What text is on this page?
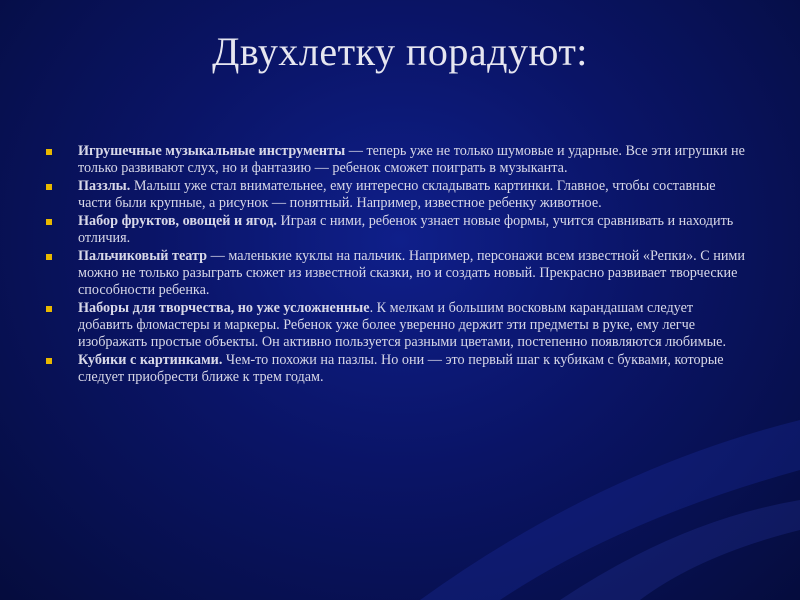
Двухлетку порадуют:
Игрушечные музыкальные инструменты — теперь уже не только шумовые и ударные. Все эти игрушки не только развивают слух, но и фантазию — ребенок сможет поиграть в музыканта.
Паззлы. Малыш уже стал внимательнее, ему интересно складывать картинки. Главное, чтобы составные части были крупные, а рисунок — понятный. Например, известное ребенку животное.
Набор фруктов, овощей и ягод. Играя с ними, ребенок узнает новые формы, учится сравнивать и находить отличия.
Пальчиковый театр — маленькие куклы на пальчик. Например, персонажи всем известной «Репки». С ними можно не только разыграть сюжет из известной сказки, но и создать новый. Прекрасно развивает творческие способности ребенка.
Наборы для творчества, но уже усложненные. К мелкам и большим восковым карандашам следует добавить фломастеры и маркеры. Ребенок уже более уверенно держит эти предметы в руке, ему легче изображать простые объекты. Он активно пользуется разными цветами, постепенно появляются любимые.
Кубики с картинками. Чем-то похожи на пазлы. Но они — это первый шаг к кубикам с буквами, которые следует приобрести ближе к трем годам.
